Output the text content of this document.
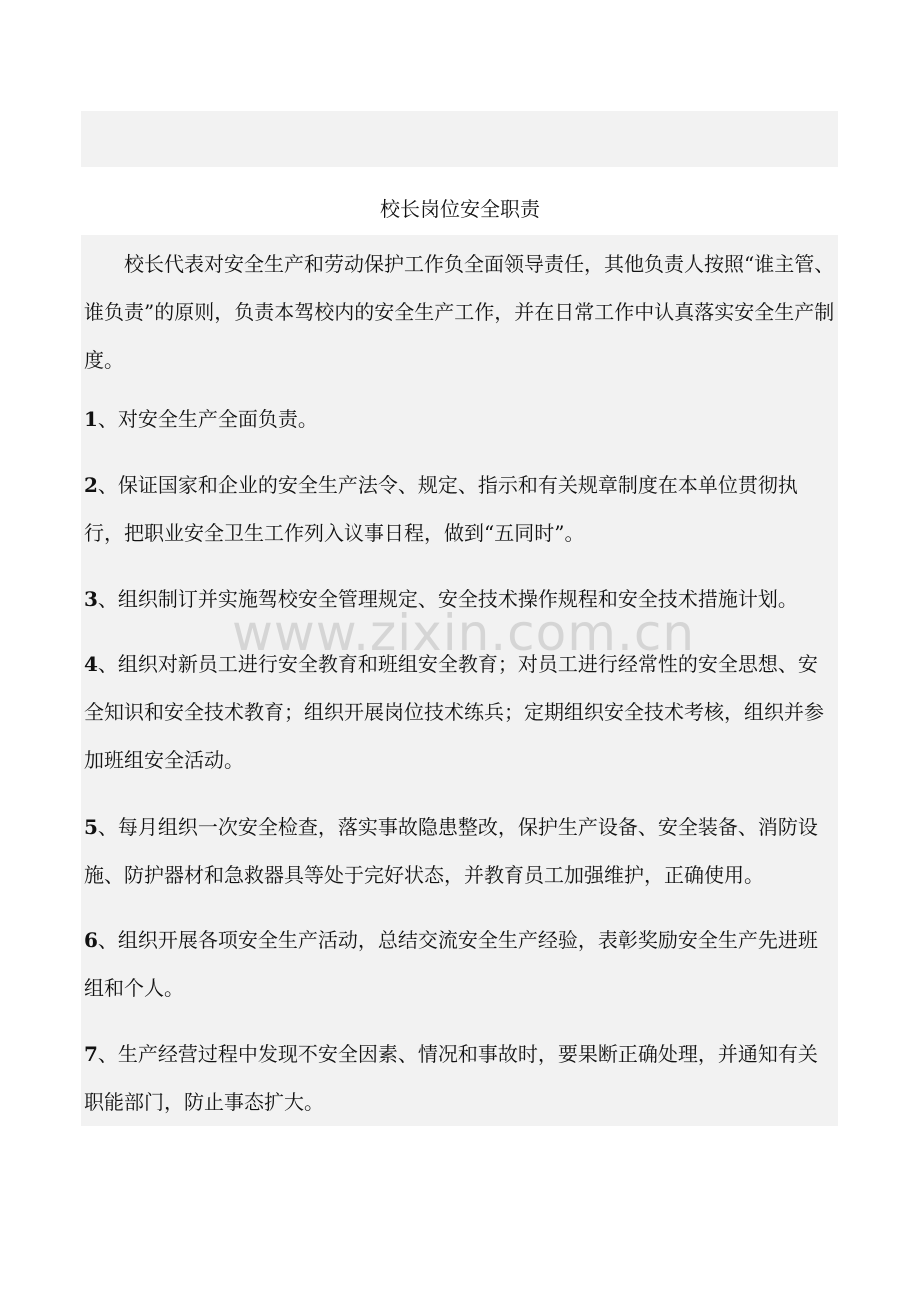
校长岗位安全职责

校长代表对安全生产和劳动保护工作负全面领导责任，其他负责人按照“谁主管、谁负责”的原则，负责本驾校内的安全生产工作，并在日常工作中认真落实安全生产制度。

1、对安全生产全面负责。

2、保证国家和企业的安全生产法令、规定、指示和有关规章制度在本单位贯彻执行，把职业安全卫生工作列入议事日程，做到“五同时”。

3、组织制订并实施驾校安全管理规定、安全技术操作规程和安全技术措施计划。

4、组织对新员工进行安全教育和班组安全教育；对员工进行经常性的安全思想、安全知识和安全技术教育；组织开展岗位技术练兵；定期组织安全技术考核，组织并参加班组安全活动。

5、每月组织一次安全检查，落实事故隐患整改，保护生产设备、安全装备、消防设施、防护器材和急救器具等处于完好状态，并教育员工加强维护，正确使用。

6、组织开展各项安全生产活动，总结交流安全生产经验，表彰奖励安全生产先进班组和个人。

7、生产经营过程中发现不安全因素、情况和事故时，要果断正确处理，并通知有关职能部门，防止事态扩大。

www.zixin.com.cn
